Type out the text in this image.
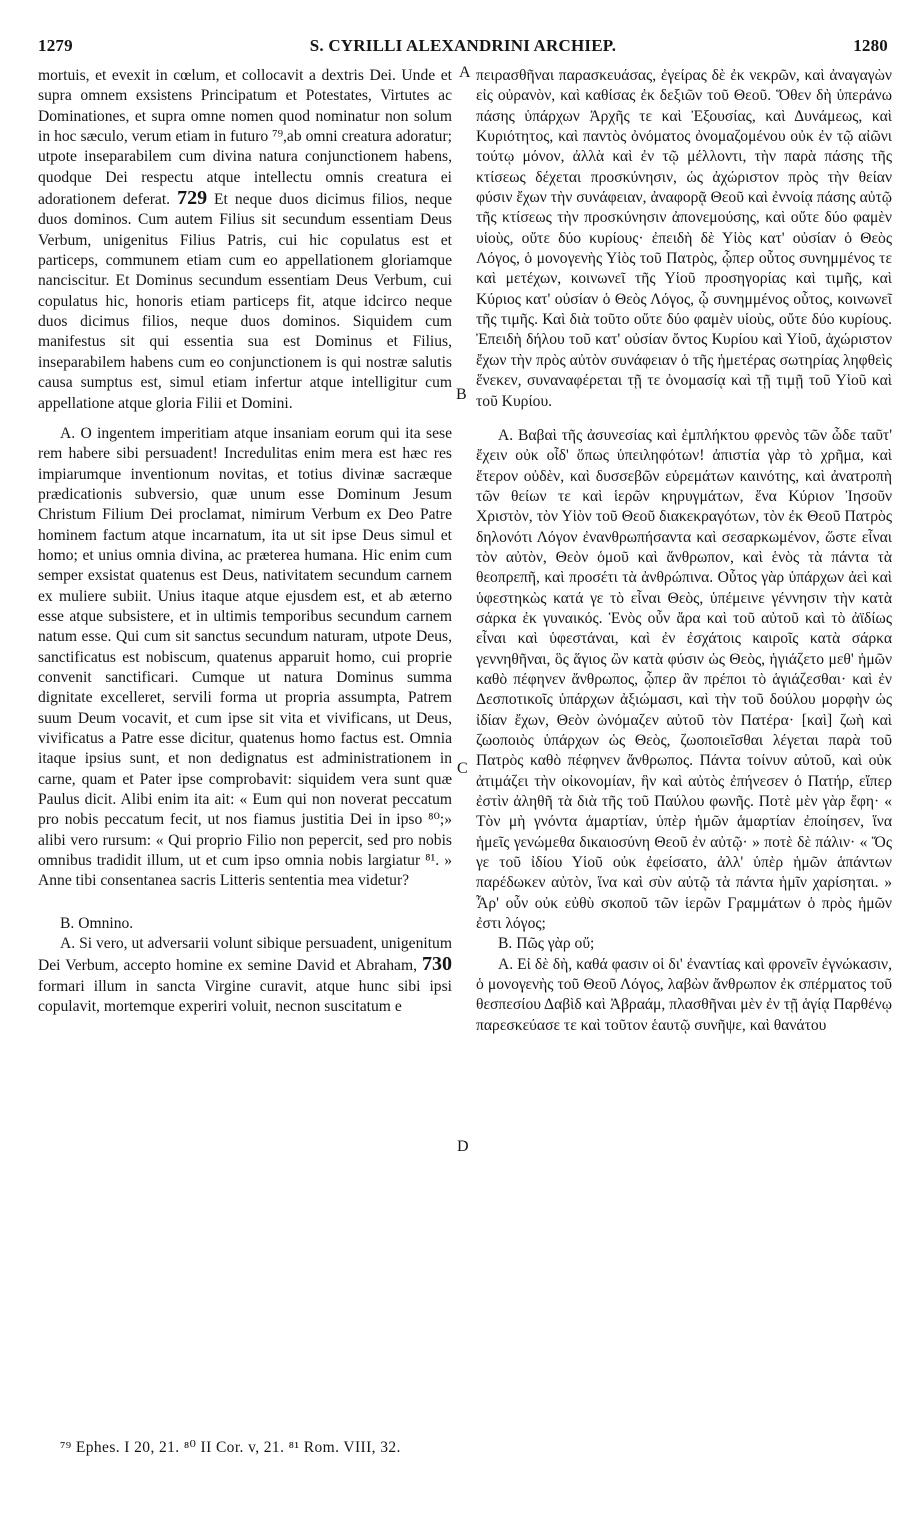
1279	S. CYRILLI ALEXANDRINI ARCHIEP.	1280

mortuis, et evexit in cœlum, et collocavit a dextris Dei. Unde et supra omnem exsistens Principatum et Potestates, Virtutes ac Dominationes, et supra omne nomen quod nominatur non solum in hoc sæculo, verum etiam in futuro ⁷⁹,ab omni creatura adoratur; utpote inseparabilem cum divina natura conjunctionem habens, quodque Dei respectu atque intellectu omnis creatura ei adorationem deferat. 729 Et neque duos dicimus filios, neque duos dominos. Cum autem Filius sit secundum essentiam Deus Verbum, unigenitus Filius Patris, cui hic copulatus est et particeps, communem etiam cum eo appellationem gloriamque nanciscitur. Et Dominus secundum essentiam Deus Verbum, cui copulatus hic, honoris etiam particeps fit, atque idcirco neque duos dicimus filios, neque duos dominos. Siquidem cum manifestus sit qui essentia sua est Dominus et Filius, inseparabilem habens cum eo conjunctionem is qui nostræ salutis causa sumptus est, simul etiam infertur atque intelligitur cum appellatione atque gloria Filii et Domini.

A. O ingentem imperitiam atque insaniam eorum qui ita sese rem habere sibi persuadent! Incredulitas enim mera est hæc res impiarumque inventionum novitas, et totius divinæ sacræque prædicationis subversio, quæ unum esse Dominum Jesum Christum Filium Dei proclamat, nimirum Verbum ex Deo Patre hominem factum atque incarnatum, ita ut sit ipse Deus simul et homo; et unius omnia divina, ac præterea humana. Hic enim cum semper exsistat quatenus est Deus, nativitatem secundum carnem ex muliere subiit. Unius itaque atque ejusdem est, et ab æterno esse atque subsistere, et in ultimis temporibus secundum carnem natum esse. Qui cum sit sanctus secundum naturam, utpote Deus, sanctificatus est nobiscum, quatenus apparuit homo, cui proprie convenit sanctificari. Cumque ut natura Dominus summa dignitate excelleret, servili forma ut propria assumpta, Patrem suum Deum vocavit, et cum ipse sit vita et vivificans, ut Deus, vivificatus a Patre esse dicitur, quatenus homo factus est. Omnia itaque ipsius sunt, et non dedignatus est administrationem in carne, quam et Pater ipse comprobavit: siquidem vera sunt quæ Paulus dicit. Alibi enim ita ait: « Eum qui non noverat peccatum pro nobis peccatum fecit, ut nos fiamus justitia Dei in ipso ⁸⁰;» alibi vero rursum: « Qui proprio Filio non pepercit, sed pro nobis omnibus tradidit illum, ut et cum ipso omnia nobis largiatur ⁸¹. » Anne tibi consentanea sacris Litteris sententia mea videtur?

B. Omnino.

A. Si vero, ut adversarii volunt sibique persuadent, unigenitum Dei Verbum, accepto homine ex semine David et Abraham, 730 formari illum in sancta Virgine curavit, atque hunc sibi ipsi copulavit, mortemque experiri voluit, necnon suscitatum e

πειρασθῆναι παρασκευάσας, ἐγείρας δὲ ἐκ νεκρῶν, καὶ ἀναγαγὼν εἰς οὐρανὸν, καὶ καθίσας ἐκ δεξιῶν τοῦ Θεοῦ. Ὅθεν δὴ ὑπεράνω πάσης ὑπάρχων Ἀρχῆς τε καὶ Ἐξουσίας, καὶ Δυνάμεως, καὶ Κυριότητος, καὶ παντὸς ὀνόματος ὀνομαζομένου οὐκ ἐν τῷ αἰῶνι τούτῳ μόνον, ἀλλὰ καὶ ἐν τῷ μέλλοντι, τὴν παρὰ πάσης τῆς κτίσεως δέχεται προσκύνησιν, ὡς ἀχώριστον πρὸς τὴν θείαν φύσιν ἔχων τὴν συνάφειαν, ἀναφορᾷ Θεοῦ καὶ ἐννοίᾳ πάσης αὐτῷ τῆς κτίσεως τὴν προσκύνησιν ἀπονεμούσης, καὶ οὔτε δύο φαμὲν υἱοὺς, οὔτε δύο κυρίους· ἐπειδὴ δὲ Υἱὸς κατ' οὐσίαν ὁ Θεὸς Λόγος, ὁ μονογενὴς Υἱὸς τοῦ Πατρὸς, ᾧπερ οὗτος συνημμένος τε καὶ μετέχων, κοινωνεῖ τῆς Υἱοῦ προσηγορίας καὶ τιμῆς, καὶ Κύριος κατ' οὐσίαν ὁ Θεὸς Λόγος, ᾧ συνημμένος οὗτος, κοινωνεῖ τῆς τιμῆς. Καὶ διὰ τοῦτο οὔτε δύο φαμὲν υἱοὺς, οὔτε δύο κυρίους. Ἐπειδὴ δήλου τοῦ κατ' οὐσίαν ὄντος Κυρίου καὶ Υἱοῦ, ἀχώριστον ἔχων τὴν πρὸς αὐτὸν συνάφειαν ὁ τῆς ἡμετέρας σωτηρίας ληφθεὶς ἕνεκεν, συναναφέρεται τῇ τε ὀνομασίᾳ καὶ τῇ τιμῇ τοῦ Υἱοῦ καὶ τοῦ Κυρίου.

Α. Βαβαὶ τῆς ἀσυνεσίας καὶ ἐμπλήκτου φρενὸς τῶν ὧδε ταῦτ' ἔχειν οὐκ οἶδ' ὅπως ὑπειληφότων! ἀπιστία γὰρ τὸ χρῆμα, καὶ ἕτερον οὐδὲν, καὶ δυσσεβῶν εὑρεμάτων καινότης, καὶ ἀνατροπὴ τῶν θείων τε καὶ ἱερῶν κηρυγμάτων, ἕνα Κύριον Ἰησοῦν Χριστὸν, τὸν Υἱὸν τοῦ Θεοῦ διακεκραγότων, τὸν ἐκ Θεοῦ Πατρὸς δηλονότι Λόγον ἐνανθρωπήσαντα καὶ σεσαρκωμένον, ὥστε εἶναι τὸν αὐτὸν, Θεὸν ὁμοῦ καὶ ἄνθρωπον, καὶ ἑνὸς τὰ πάντα τὰ θεοπρεπῆ, καὶ προσέτι τὰ ἀνθρώπινα. Οὗτος γὰρ ὑπάρχων ἀεὶ καὶ ὑφεστηκὼς κατά γε τὸ εἶναι Θεὸς, ὑπέμεινε γέννησιν τὴν κατὰ σάρκα ἐκ γυναικός. Ἑνὸς οὖν ἄρα καὶ τοῦ αὐτοῦ καὶ τὸ ἀϊδίως εἶναι καὶ ὑφεστάναι, καὶ ἐν ἐσχάτοις καιροῖς κατὰ σάρκα γεννηθῆναι, ὃς ἅγιος ὢν κατὰ φύσιν ὡς Θεὸς, ἡγιάζετο μεθ' ἡμῶν καθὸ πέφηνεν ἄνθρωπος, ᾧπερ ἂν πρέποι τὸ ἁγιάζεσθαι· καὶ ἐν Δεσποτικοῖς ὑπάρχων ἀξιώμασι, καὶ τὴν τοῦ δούλου μορφὴν ὡς ἰδίαν ἔχων, Θεὸν ὠνόμαζεν αὐτοῦ τὸν Πατέρα· [καὶ] ζωὴ καὶ ζωοποιὸς ὑπάρχων ὡς Θεὸς, ζωοποιεῖσθαι λέγεται παρὰ τοῦ Πατρὸς καθὸ πέφηνεν ἄνθρωπος. Πάντα τοίνυν αὐτοῦ, καὶ οὐκ ἀτιμάζει τὴν οἰκονομίαν, ἣν καὶ αὐτὸς ἐπήνεσεν ὁ Πατήρ, εἴπερ ἐστὶν ἀληθῆ τὰ διὰ τῆς τοῦ Παύλου φωνῆς. Ποτὲ μὲν γὰρ ἔφη· « Τὸν μὴ γνόντα ἁμαρτίαν, ὑπὲρ ἡμῶν ἁμαρτίαν ἐποίησεν, ἵνα ἡμεῖς γενώμεθα δικαιοσύνη Θεοῦ ἐν αὐτῷ· » ποτὲ δὲ πάλιν· « Ὅς γε τοῦ ἰδίου Υἱοῦ οὐκ ἐφείσατο, ἀλλ' ὑπὲρ ἡμῶν ἁπάντων παρέδωκεν αὐτὸν, ἵνα καὶ σὺν αὐτῷ τὰ πάντα ἡμῖν χαρίσηται. » Ἆρ' οὖν οὐκ εὐθὺ σκοποῦ τῶν ἱερῶν Γραμμάτων ὁ πρὸς ἡμῶν ἐστι λόγος;

Β. Πῶς γὰρ οὔ;

Α. Εἰ δὲ δὴ, καθά φασιν οἱ δι' ἐναντίας καὶ φρονεῖν ἐγνώκασιν, ὁ μονογενὴς τοῦ Θεοῦ Λόγος, λαβὼν ἄνθρωπον ἐκ σπέρματος τοῦ θεσπεσίου Δαβὶδ καὶ Ἀβραάμ, πλασθῆναι μὲν ἐν τῇ ἁγίᾳ Παρθένῳ παρεσκεύασε τε καὶ τοῦτον ἑαυτῷ συνῆψε, καὶ θανάτου

A
B
C
D
⁷⁹ Ephes. I 20, 21. ⁸⁰ II Cor. v, 21. ⁸¹ Rom. VIII, 32.
